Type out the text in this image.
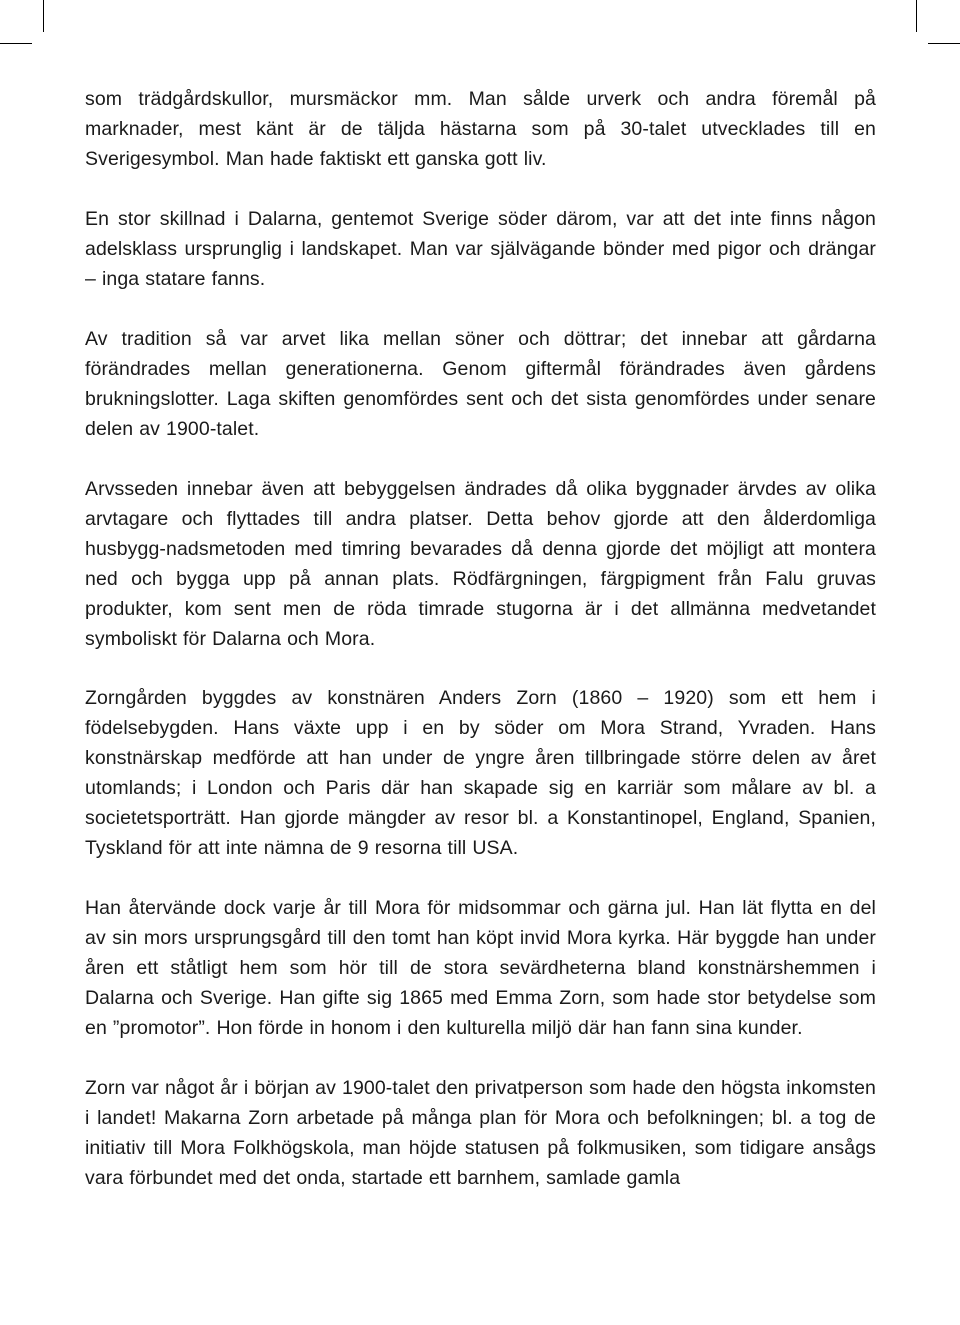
som trädgårdskullor, mursmäckor mm. Man sålde urverk och andra föremål på marknader, mest känt är de täljda hästarna som på 30-talet utvecklades till en Sverigesymbol. Man hade faktiskt ett ganska gott liv.

En stor skillnad i Dalarna, gentemot Sverige söder därom, var att det inte finns någon adelsklass ursprunglig i landskapet. Man var självägande bönder med pigor och drängar – inga statare fanns.

Av tradition så var arvet lika mellan söner och döttrar; det innebar att gårdarna förändrades mellan generationerna. Genom giftermål förändrades även gårdens brukningslotter. Laga skiften genomfördes sent och det sista genomfördes under senare delen av 1900-talet.

Arvsseden innebar även att bebyggelsen ändrades då olika byggnader ärvdes av olika arvtagare och flyttades till andra platser. Detta behov gjorde att den ålderdomliga husbygg-nadsmetoden med timring bevarades då denna gjorde det möjligt att montera ned och bygga upp på annan plats. Rödfärgningen, färgpigment från Falu gruvas produkter, kom sent men de röda timrade stugorna är i det allmänna medvetandet symboliskt för Dalarna och Mora.

Zorngården byggdes av konstnären Anders Zorn (1860 – 1920) som ett hem i födelsebygden. Hans växte upp i en by söder om Mora Strand, Yvraden. Hans konstnärskap medförde att han under de yngre åren tillbringade större delen av året utomlands; i London och Paris där han skapade sig en karriär som målare av bl. a societetsporträtt. Han gjorde mängder av resor bl. a Konstantinopel, England, Spanien, Tyskland för att inte nämna de 9 resorna till USA.

Han återvände dock varje år till Mora för midsommar och gärna jul. Han lät flytta en del av sin mors ursprungsgård till den tomt han köpt invid Mora kyrka. Här byggde han under åren ett ståtligt hem som hör till de stora sevärdheterna bland konstnärshemmen i Dalarna och Sverige. Han gifte sig 1865 med Emma Zorn, som hade stor betydelse som en ”promotor”. Hon förde in honom i den kulturella miljö där han fann sina kunder.

Zorn var något år i början av 1900-talet den privatperson som hade den högsta inkomsten i landet! Makarna Zorn arbetade på många plan för Mora och befolkningen; bl. a tog de initiativ till Mora Folkhögskola, man höjde statusen på folkmusiken, som tidigare ansågs vara förbundet med det onda, startade ett barnhem, samlade gamla
